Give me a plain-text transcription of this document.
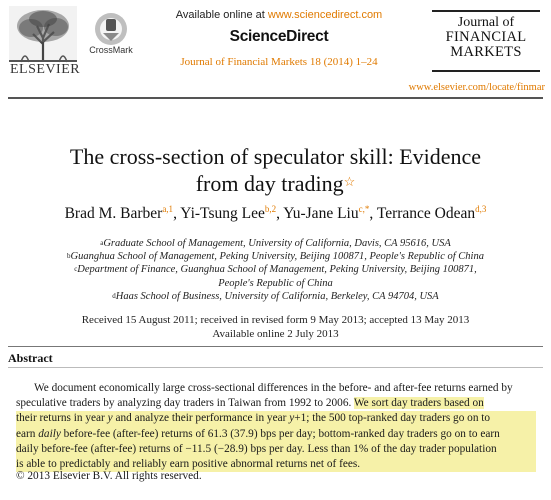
ELSEVIER
CrossMark
Available online at www.sciencedirect.com
ScienceDirect
Journal of Financial Markets 18 (2014) 1–24
Journal of
FINANCIAL
MARKETS
www.elsevier.com/locate/finmar
The cross-section of speculator skill: Evidence
from day trading☆
Brad M. Barber$^{a,1}$, Yi-Tsung Lee$^{b,2}$, Yu-Jane Liu$^{c,*}$, Terrance Odean$^{d,3}$
$^a$Graduate School of Management, University of California, Davis, CA 95616, USA
$^b$Guanghua School of Management, Peking University, Beijing 100871, People's Republic of China
$^c$Department of Finance, Guanghua School of Management, Peking University, Beijing 100871,
People's Republic of China
$^d$Haas School of Business, University of California, Berkeley, CA 94704, USA
Received 15 August 2011; received in revised form 9 May 2013; accepted 13 May 2013
Available online 2 July 2013
Abstract
We document economically large cross-sectional differences in the before- and after-fee returns earned by
speculative traders by analyzing day traders in Taiwan from 1992 to 2006. We sort day traders based on
their returns in year y and analyze their performance in year y+1; the 500 top-ranked day traders go on to
earn daily before-fee (after-fee) returns of 61.3 (37.9) bps per day; bottom-ranked day traders go on to earn
daily before-fee (after-fee) returns of −11.5 (−28.9) bps per day. Less than 1% of the day trader population
is able to predictably and reliably earn positive abnormal returns net of fees.
© 2013 Elsevier B.V. All rights reserved.
